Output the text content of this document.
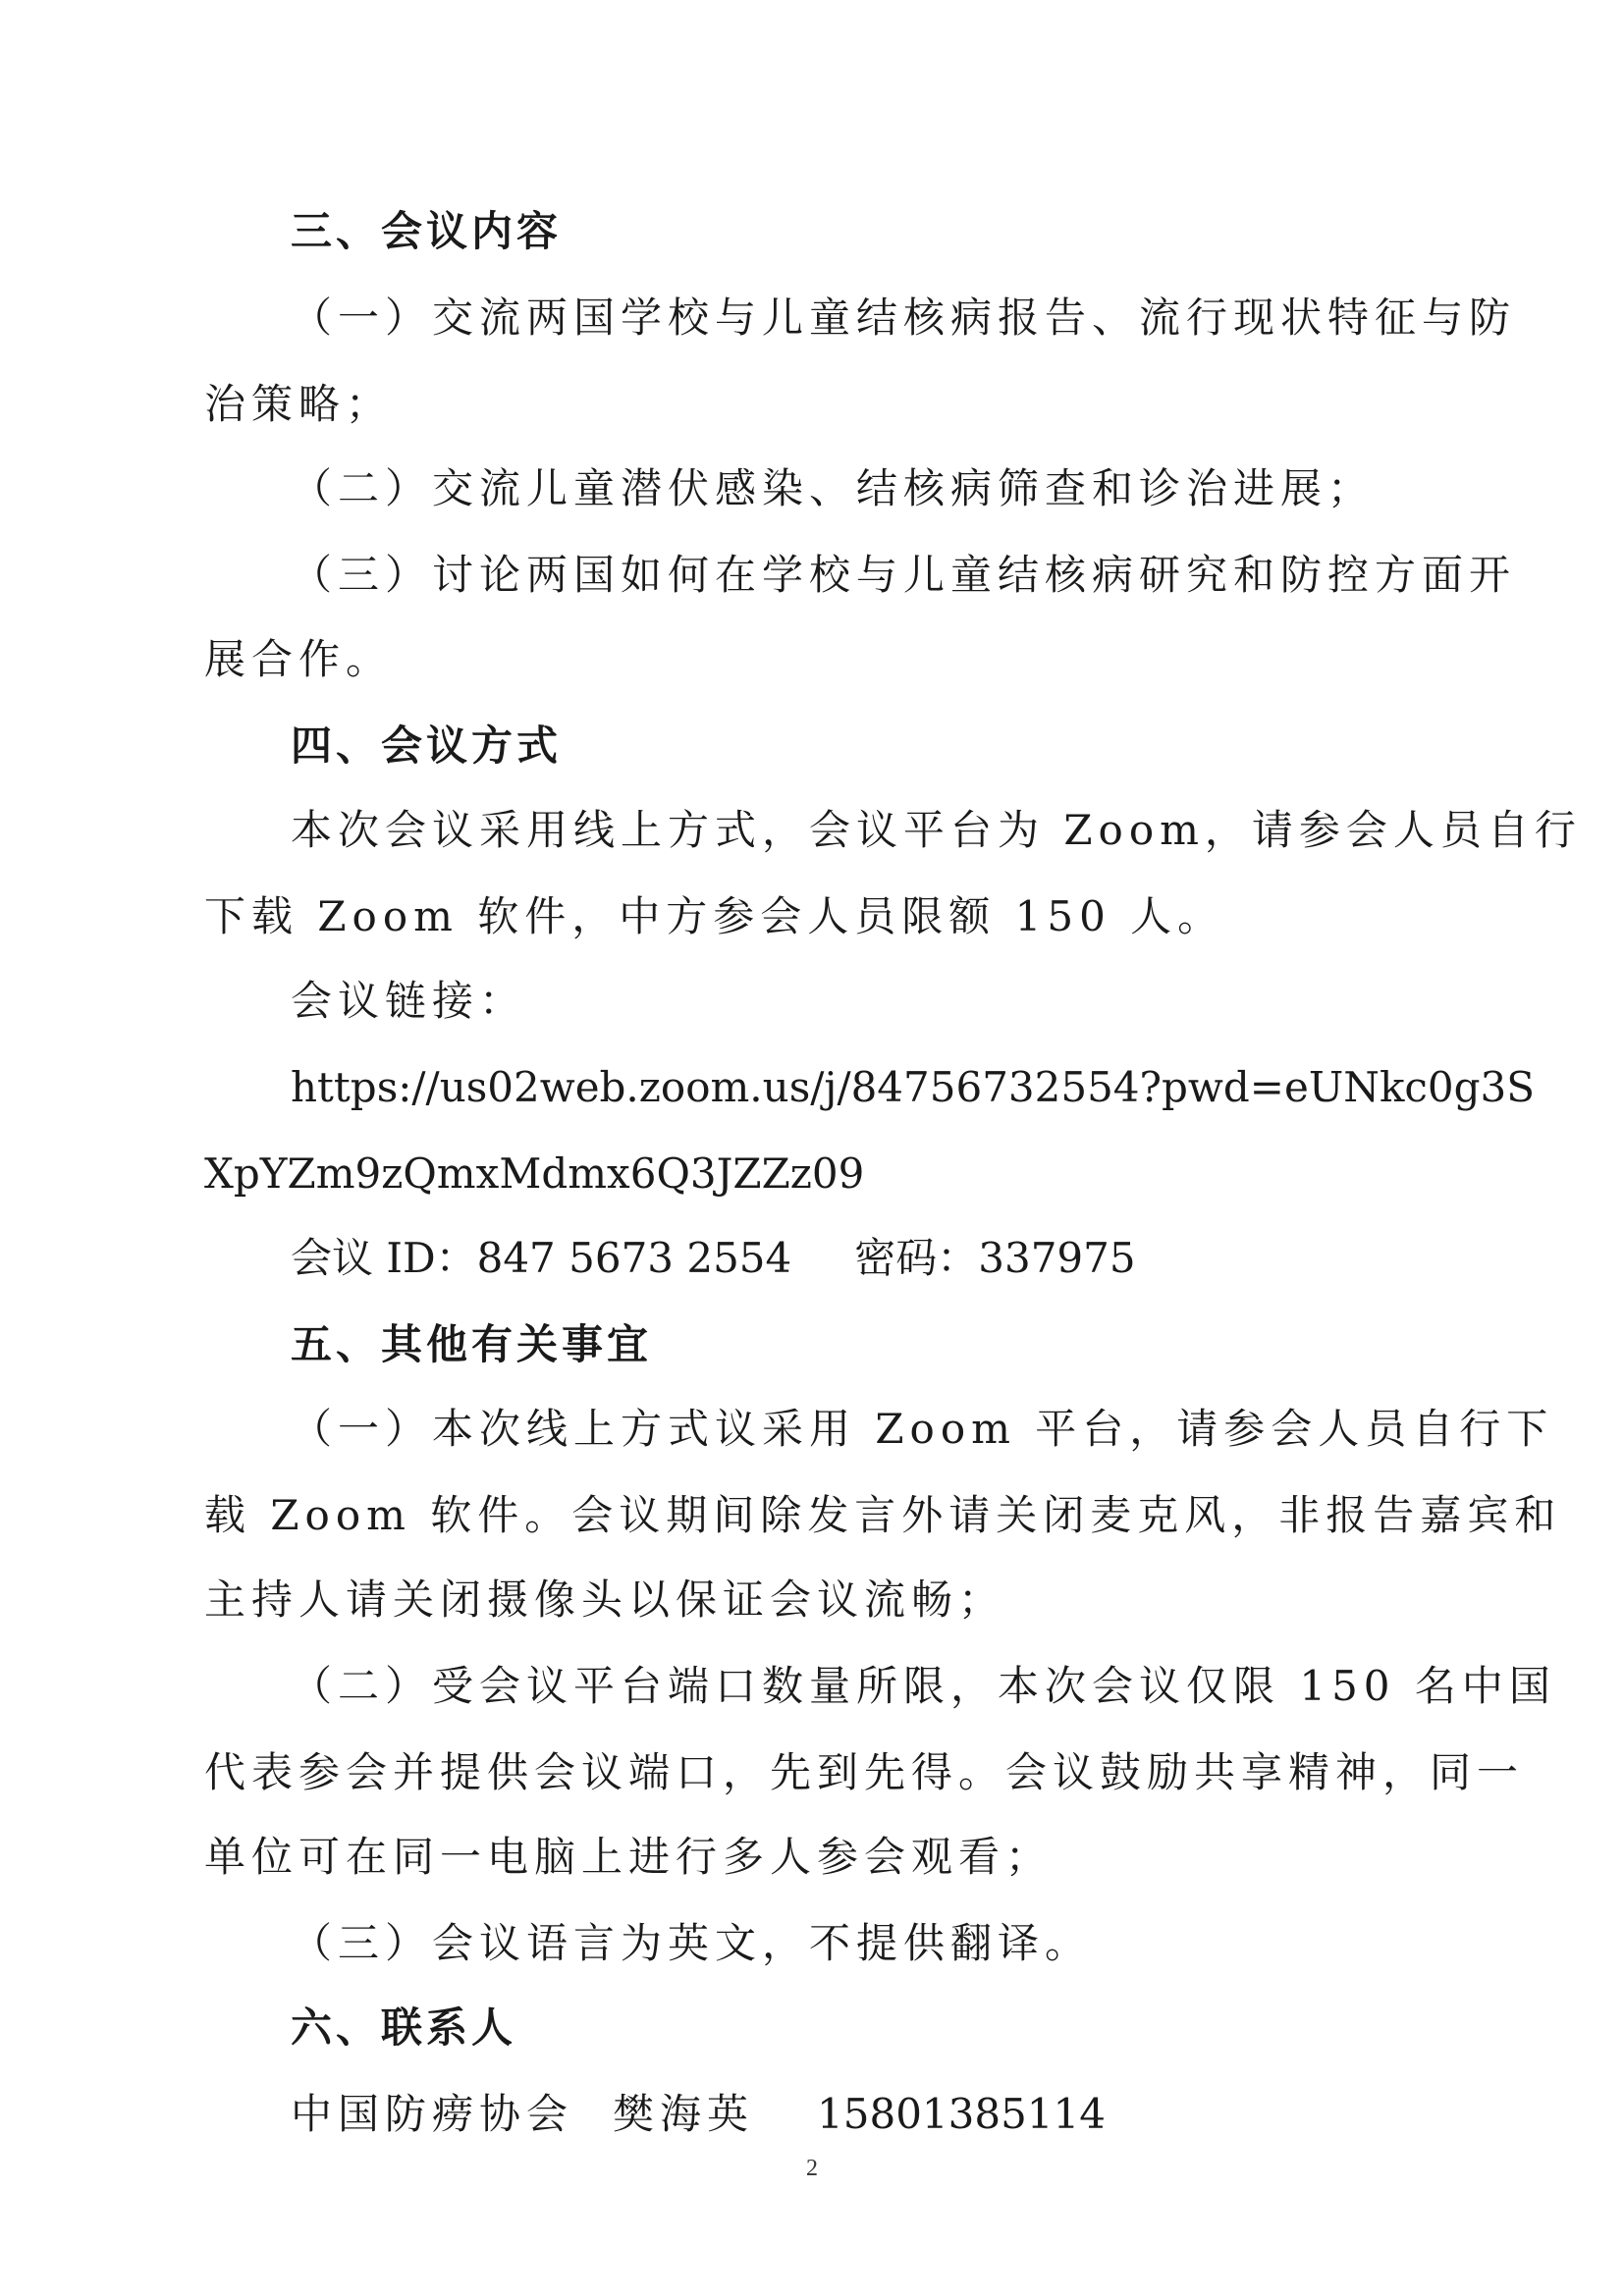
三、会议内容
（一）交流两国学校与儿童结核病报告、流行现状特征与防
治策略；
（二）交流儿童潜伏感染、结核病筛查和诊治进展；
（三）讨论两国如何在学校与儿童结核病研究和防控方面开
展合作。
四、会议方式
本次会议采用线上方式，会议平台为 Zoom，请参会人员自行
下载 Zoom 软件，中方参会人员限额 150 人。
会议链接：
https://us02web.zoom.us/j/84756732554?pwd=eUNkc0g3S
XpYZm9zQmxMdmx6Q3JZZz09
会议 ID：847 5673 2554 密码：337975
五、其他有关事宜
（一）本次线上方式议采用 Zoom 平台，请参会人员自行下
载 Zoom 软件。会议期间除发言外请关闭麦克风，非报告嘉宾和
主持人请关闭摄像头以保证会议流畅；
（二）受会议平台端口数量所限，本次会议仅限 150 名中国
代表参会并提供会议端口，先到先得。会议鼓励共享精神，同一
单位可在同一电脑上进行多人参会观看；
（三）会议语言为英文，不提供翻译。
六、联系人
中国防痨协会 樊海英 15801385114
2
